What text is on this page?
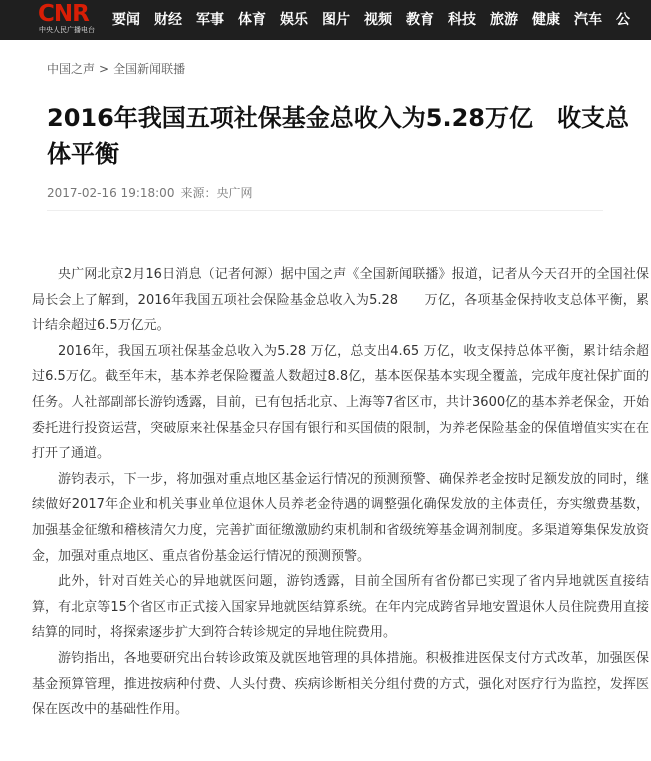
CNR
中央人民广播电台
要闻 财经 军事 体育 娱乐 图片 视频 教育 科技 旅游 健康 汽车 公
中国之声 > 全国新闻联播
2016年我国五项社保基金总收入为5.28万亿　收支总体平衡
2017-02-16 19:18:00 来源：央广网

央广网北京2月16日消息（记者何源）据中国之声《全国新闻联播》报道，记者从今天召开的全国社保局长会上了解到，2016年我国五项社会保险基金总收入为5.28　　万亿，各项基金保持收支总体平衡，累计结余超过6.5万亿元。

2016年，我国五项社保基金总收入为5.28 万亿，总支出4.65 万亿，收支保持总体平衡，累计结余超过6.5万亿。截至年末，基本养老保险覆盖人数超过8.8亿，基本医保基本实现全覆盖，完成年度社保扩面的任务。人社部副部长游钧透露，目前，已有包括北京、上海等7省区市，共计3600亿的基本养老保金，开始委托进行投资运营，突破原来社保基金只存国有银行和买国债的限制，为养老保险基金的保值增值实实在在打开了通道。

游钧表示，下一步，将加强对重点地区基金运行情况的预测预警、确保养老金按时足额发放的同时，继续做好2017年企业和机关事业单位退休人员养老金待遇的调整强化确保发放的主体责任，夯实缴费基数，加强基金征缴和稽核清欠力度，完善扩面征缴激励约束机制和省级统筹基金调剂制度。多渠道筹集保发放资金，加强对重点地区、重点省份基金运行情况的预测预警。

此外，针对百姓关心的异地就医问题，游钧透露，目前全国所有省份都已实现了省内异地就医直接结算，有北京等15个省区市正式接入国家异地就医结算系统。在年内完成跨省异地安置退休人员住院费用直接结算的同时，将探索逐步扩大到符合转诊规定的异地住院费用。

游钧指出，各地要研究出台转诊政策及就医地管理的具体措施。积极推进医保支付方式改革，加强医保基金预算管理，推进按病种付费、人头付费、疾病诊断相关分组付费的方式，强化对医疗行为监控，发挥医保在医改中的基础性作用。
